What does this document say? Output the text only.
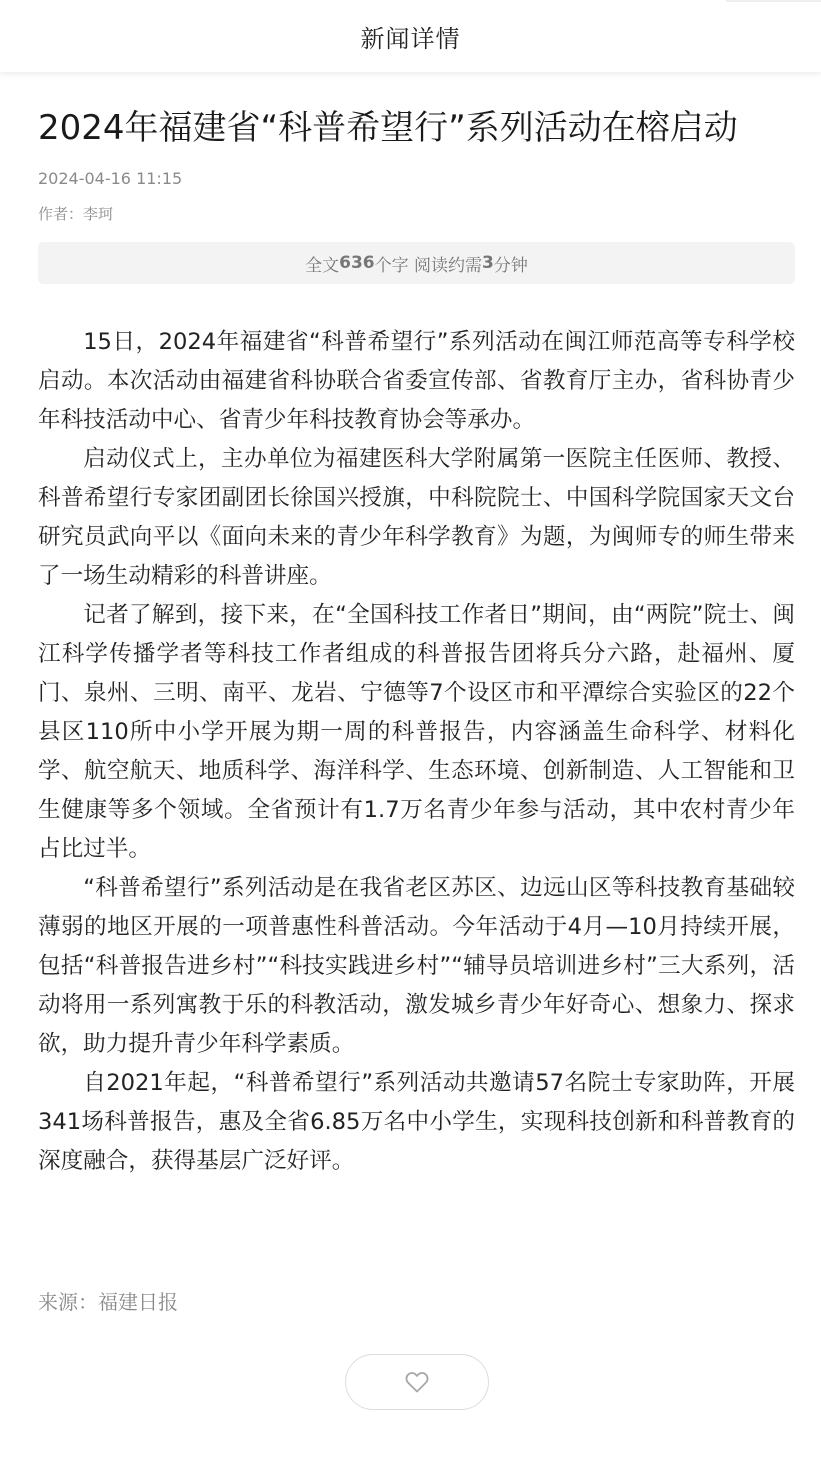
新闻详情
2024年福建省“科普希望行”系列活动在榕启动
2024-04-16 11:15
作者：李珂
全文 636 个字 阅读约需 3 分钟

15日，2024年福建省“科普希望行”系列活动在闽江师范高等专科学校启动。本次活动由福建省科协联合省委宣传部、省教育厅主办，省科协青少年科技活动中心、省青少年科技教育协会等承办。

启动仪式上，主办单位为福建医科大学附属第一医院主任医师、教授、科普希望行专家团副团长徐国兴授旗，中科院院士、中国科学院国家天文台研究员武向平以《面向未来的青少年科学教育》为题，为闽师专的师生带来了一场生动精彩的科普讲座。

记者了解到，接下来，在“全国科技工作者日”期间，由“两院”院士、闽江科学传播学者等科技工作者组成的科普报告团将兵分六路，赴福州、厦门、泉州、三明、南平、龙岩、宁德等7个设区市和平潭综合实验区的22个县区110所中小学开展为期一周的科普报告，内容涵盖生命科学、材料化学、航空航天、地质科学、海洋科学、生态环境、创新制造、人工智能和卫生健康等多个领域。全省预计有1.7万名青少年参与活动，其中农村青少年占比过半。

“科普希望行”系列活动是在我省老区苏区、边远山区等科技教育基础较薄弱的地区开展的一项普惠性科普活动。今年活动于4月—10月持续开展，包括“科普报告进乡村”“科技实践进乡村”“辅导员培训进乡村”三大系列，活动将用一系列寓教于乐的科教活动，激发城乡青少年好奇心、想象力、探求欲，助力提升青少年科学素质。

自2021年起，“科普希望行”系列活动共邀请57名院士专家助阵，开展341场科普报告，惠及全省6.85万名中小学生，实现科技创新和科普教育的深度融合，获得基层广泛好评。

来源：福建日报
